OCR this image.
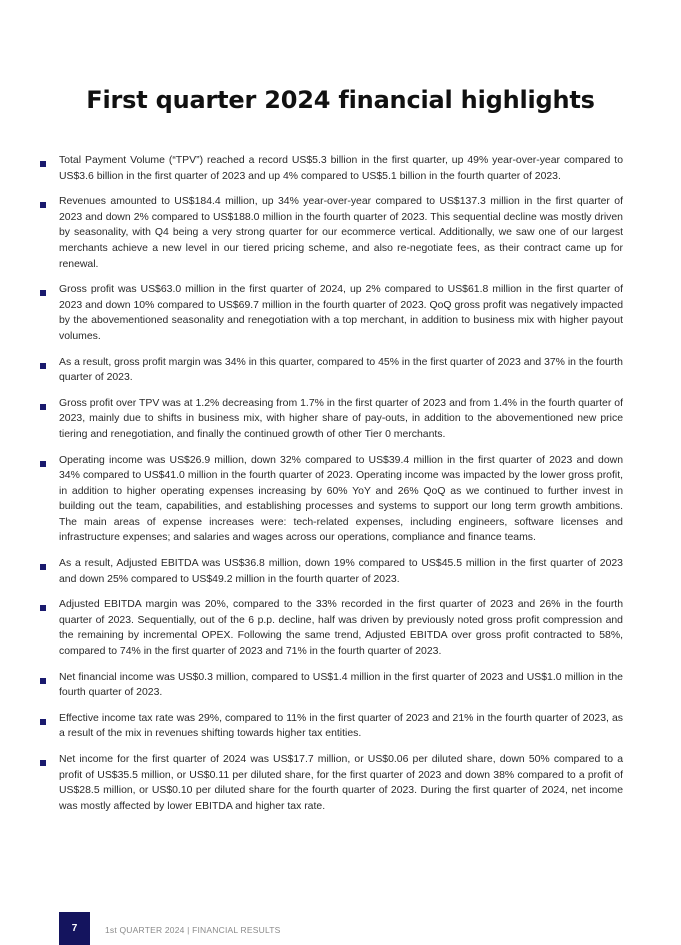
First quarter 2024 financial highlights
Total Payment Volume (“TPV”) reached a record US$5.3 billion in the first quarter, up 49% year-over-year compared to US$3.6 billion in the first quarter of 2023 and up 4% compared to US$5.1 billion in the fourth quarter of 2023.
Revenues amounted to US$184.4 million, up 34% year-over-year compared to US$137.3 million in the first quarter of 2023 and down 2% compared to US$188.0 million in the fourth quarter of 2023. This sequential decline was mostly driven by seasonality, with Q4 being a very strong quarter for our ecommerce vertical. Additionally, we saw one of our largest merchants achieve a new level in our tiered pricing scheme, and also re-negotiate fees, as their contract came up for renewal.
Gross profit was US$63.0 million in the first quarter of 2024, up 2% compared to US$61.8 million in the first quarter of 2023 and down 10% compared to US$69.7 million in the fourth quarter of 2023. QoQ gross profit was negatively impacted by the abovementioned seasonality and renegotiation with a top merchant, in addition to business mix with higher payout volumes.
As a result, gross profit margin was 34% in this quarter, compared to 45% in the first quarter of 2023 and 37% in the fourth quarter of 2023.
Gross profit over TPV was at 1.2% decreasing from 1.7% in the first quarter of 2023 and from 1.4% in the fourth quarter of 2023, mainly due to shifts in business mix, with higher share of pay-outs, in addition to the abovementioned new price tiering and renegotiation, and finally the continued growth of other Tier 0 merchants.
Operating income was US$26.9 million, down 32% compared to US$39.4 million in the first quarter of 2023 and down 34% compared to US$41.0 million in the fourth quarter of 2023. Operating income was impacted by the lower gross profit, in addition to higher operating expenses increasing by 60% YoY and 26% QoQ as we continued to further invest in building out the team, capabilities, and establishing processes and systems to support our long term growth ambitions. The main areas of expense increases were: tech-related expenses, including engineers, software licenses and infrastructure expenses; and salaries and wages across our operations, compliance and finance teams.
As a result, Adjusted EBITDA was US$36.8 million, down 19% compared to US$45.5 million in the first quarter of 2023 and down 25% compared to US$49.2 million in the fourth quarter of 2023.
Adjusted EBITDA margin was 20%, compared to the 33% recorded in the first quarter of 2023 and 26% in the fourth quarter of 2023. Sequentially, out of the 6 p.p. decline, half was driven by previously noted gross profit compression and the remaining by incremental OPEX. Following the same trend, Adjusted EBITDA over gross profit contracted to 58%, compared to 74% in the first quarter of 2023 and 71% in the fourth quarter of 2023.
Net financial income was US$0.3 million, compared to US$1.4 million in the first quarter of 2023 and US$1.0 million in the fourth quarter of 2023.
Effective income tax rate was 29%, compared to 11% in the first quarter of 2023 and 21% in the fourth quarter of 2023, as a result of the mix in revenues shifting towards higher tax entities.
Net income for the first quarter of 2024 was US$17.7 million, or US$0.06 per diluted share, down 50% compared to a profit of US$35.5 million, or US$0.11 per diluted share, for the first quarter of 2023 and down 38% compared to a profit of US$28.5 million, or US$0.10 per diluted share for the fourth quarter of 2023. During the first quarter of 2024, net income was mostly affected by lower EBITDA and higher tax rate.
7	1st QUARTER 2024 | FINANCIAL RESULTS
